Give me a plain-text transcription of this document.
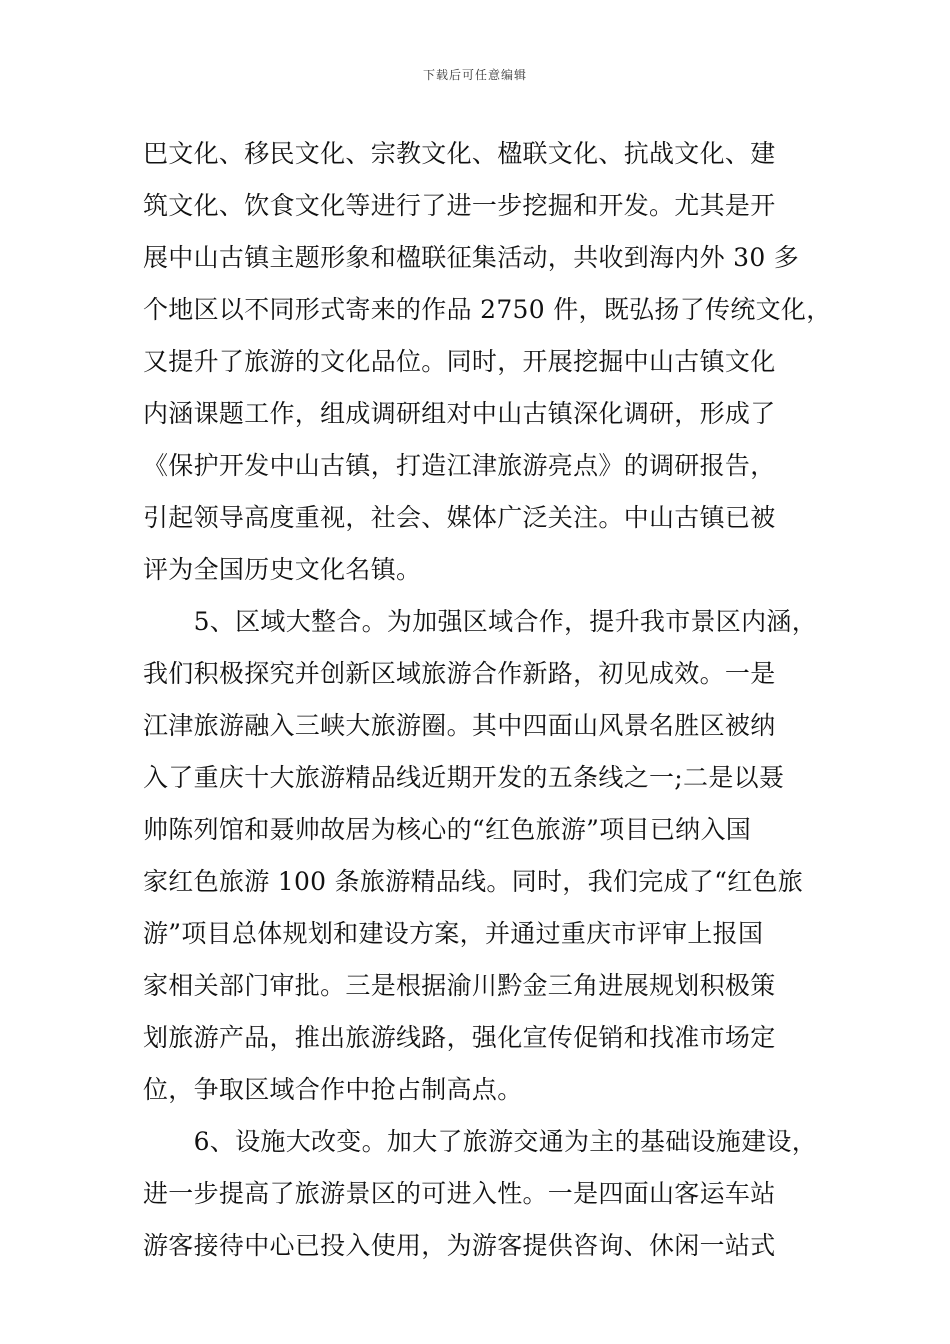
下载后可任意编辑
巴文化、移民文化、宗教文化、楹联文化、抗战文化、建
筑文化、饮食文化等进行了进一步挖掘和开发。尤其是开
展中山古镇主题形象和楹联征集活动，共收到海内外 30 多
个地区以不同形式寄来的作品 2750 件，既弘扬了传统文化，
又提升了旅游的文化品位。同时，开展挖掘中山古镇文化
内涵课题工作，组成调研组对中山古镇深化调研，形成了
《保护开发中山古镇，打造江津旅游亮点》的调研报告，
引起领导高度重视，社会、媒体广泛关注。中山古镇已被
评为全国历史文化名镇。
　　5、区域大整合。为加强区域合作，提升我市景区内涵，
我们积极探究并创新区域旅游合作新路，初见成效。一是
江津旅游融入三峡大旅游圈。其中四面山风景名胜区被纳
入了重庆十大旅游精品线近期开发的五条线之一;二是以聂
帅陈列馆和聂帅故居为核心的“红色旅游”项目已纳入国
家红色旅游 100 条旅游精品线。同时，我们完成了“红色旅
游”项目总体规划和建设方案，并通过重庆市评审上报国
家相关部门审批。三是根据渝川黔金三角进展规划积极策
划旅游产品，推出旅游线路，强化宣传促销和找准市场定
位，争取区域合作中抢占制高点。
　　6、设施大改变。加大了旅游交通为主的基础设施建设，
进一步提高了旅游景区的可进入性。一是四面山客运车站
游客接待中心已投入使用，为游客提供咨询、休闲一站式
